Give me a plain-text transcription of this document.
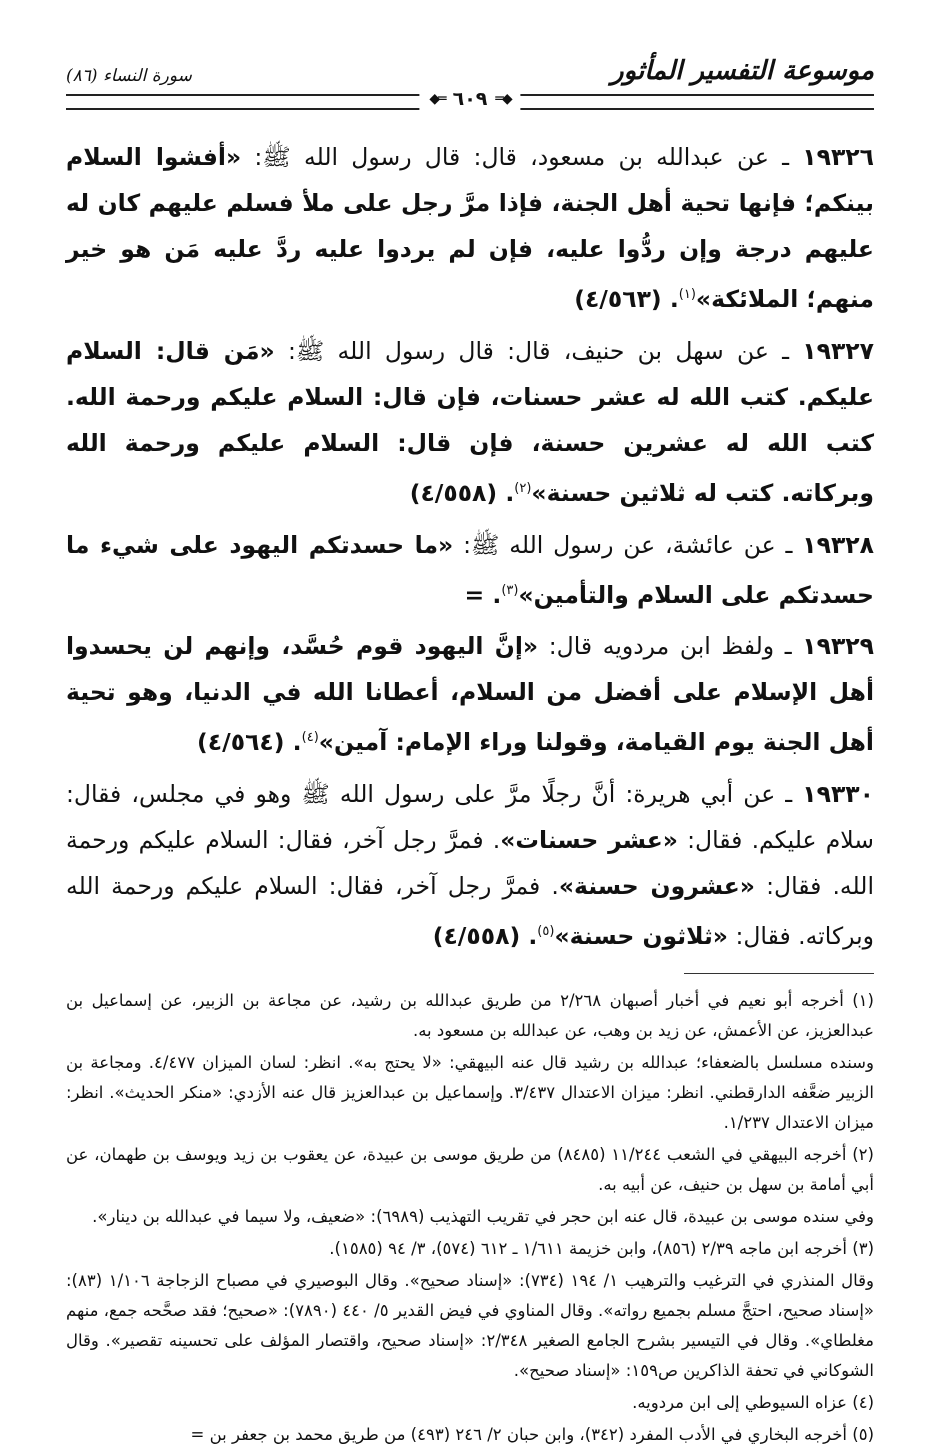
موسوعة التفسير المأثور
◆═ ٦٠٩ ═◆
سورة النساء (٨٦)

١٩٣٢٦ ـ عن عبدالله بن مسعود، قال: قال رسول الله ﷺ: «أفشوا السلام بينكم؛ فإنها تحية أهل الجنة، فإذا مرَّ رجل على ملأ فسلم عليهم كان له عليهم درجة وإن ردُّوا عليه، فإن لم يردوا عليه ردَّ عليه مَن هو خير منهم؛ الملائكة»$^{(١)}$. (٤/٥٦٣)

١٩٣٢٧ ـ عن سهل بن حنيف، قال: قال رسول الله ﷺ: «مَن قال: السلام عليكم. كتب الله له عشر حسنات، فإن قال: السلام عليكم ورحمة الله. كتب الله له عشرين حسنة، فإن قال: السلام عليكم ورحمة الله وبركاته. كتب له ثلاثين حسنة»$^{(٢)}$. (٤/٥٥٨)

١٩٣٢٨ ـ عن عائشة، عن رسول الله ﷺ: «ما حسدتكم اليهود على شيء ما حسدتكم على السلام والتأمين»$^{(٣)}$. =

١٩٣٢٩ ـ ولفظ ابن مردويه قال: «إنَّ اليهود قوم حُسَّد، وإنهم لن يحسدوا أهل الإسلام على أفضل من السلام، أعطانا الله في الدنيا، وهو تحية أهل الجنة يوم القيامة، وقولنا وراء الإمام: آمين»$^{(٤)}$. (٤/٥٦٤)

١٩٣٣٠ ـ عن أبي هريرة: أنَّ رجلًا مرَّ على رسول الله ﷺ وهو في مجلس، فقال: سلام عليكم. فقال: «عشر حسنات». فمرَّ رجل آخر، فقال: السلام عليكم ورحمة الله. فقال: «عشرون حسنة». فمرَّ رجل آخر، فقال: السلام عليكم ورحمة الله وبركاته. فقال: «ثلاثون حسنة»$^{(٥)}$. (٤/٥٥٨)

(١) أخرجه أبو نعيم في أخبار أصبهان ٢/٢٦٨ من طريق عبدالله بن رشيد، عن مجاعة بن الزبير، عن إسماعيل بن عبدالعزيز، عن الأعمش، عن زيد بن وهب، عن عبدالله بن مسعود به.

وسنده مسلسل بالضعفاء؛ عبدالله بن رشيد قال عنه البيهقي: «لا يحتج به». انظر: لسان الميزان ٤/٤٧٧. ومجاعة بن الزبير ضعَّفه الدارقطني. انظر: ميزان الاعتدال ٣/٤٣٧. وإسماعيل بن عبدالعزيز قال عنه الأزدي: «منكر الحديث». انظر: ميزان الاعتدال ١/٢٣٧.

(٢) أخرجه البيهقي في الشعب ١١/٢٤٤ (٨٤٨٥) من طريق موسى بن عبيدة، عن يعقوب بن زيد ويوسف بن طهمان، عن أبي أمامة بن سهل بن حنيف، عن أبيه به.

وفي سنده موسى بن عبيدة، قال عنه ابن حجر في تقريب التهذيب (٦٩٨٩): «ضعيف، ولا سيما في عبدالله بن دينار».

(٣) أخرجه ابن ماجه ٢/٣٩ (٨٥٦)، وابن خزيمة ١/٦١١ ـ ٦١٢ (٥٧٤)، ٣/ ٩٤ (١٥٨٥).

وقال المنذري في الترغيب والترهيب ١/ ١٩٤ (٧٣٤): «إسناد صحيح». وقال البوصيري في مصباح الزجاجة ١/١٠٦ (٨٣): «إسناد صحيح، احتجَّ مسلم بجميع رواته». وقال المناوي في فيض القدير ٥/ ٤٤٠ (٧٨٩٠): «صحيح؛ فقد صحَّحه جمع، منهم مغلطاي». وقال في التيسير بشرح الجامع الصغير ٢/٣٤٨: «إسناد صحيح، واقتصار المؤلف على تحسينه تقصير». وقال الشوكاني في تحفة الذاكرين ص١٥٩: «إسناد صحيح».

(٤) عزاه السيوطي إلى ابن مردويه.

(٥) أخرجه البخاري في الأدب المفرد (٣٤٢)، وابن حبان ٢/ ٢٤٦ (٤٩٣) من طريق محمد بن جعفر بن =
